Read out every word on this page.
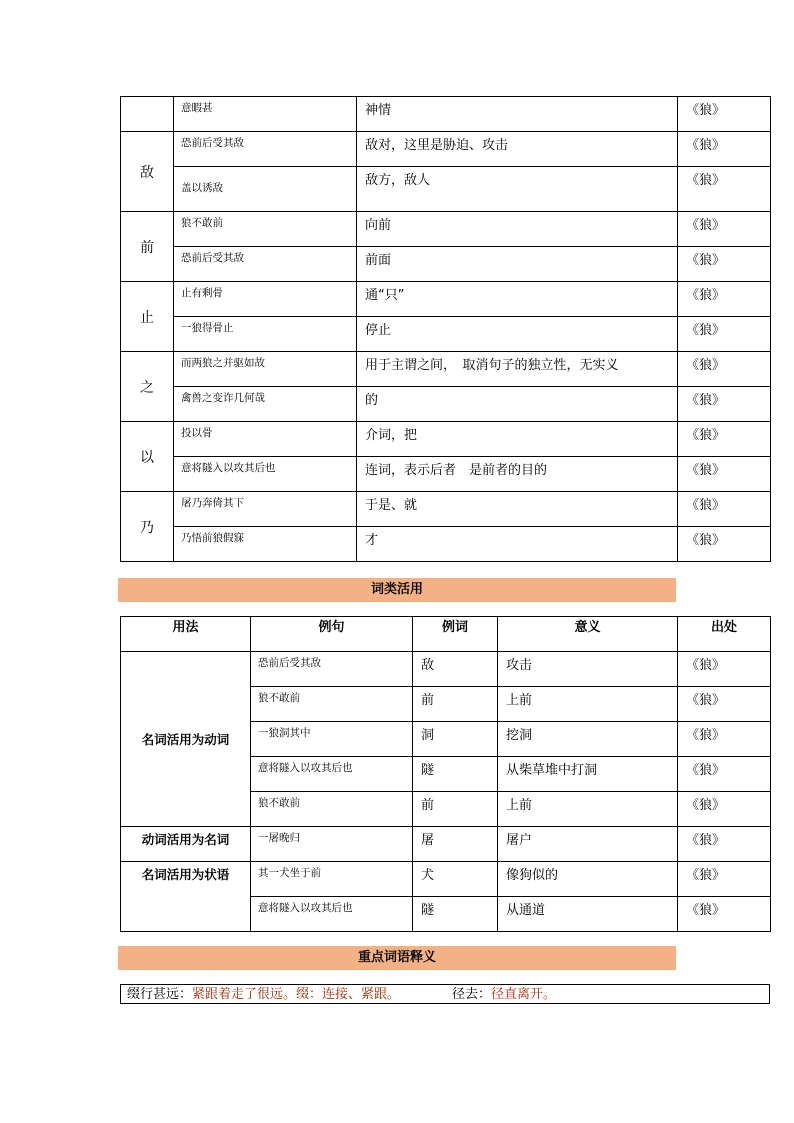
	意暇甚	神情	《狼》
敌	恐前后受其敌	敌对，这里是胁迫、攻击	《狼》
	盖以诱敌	敌方，敌人	《狼》
前	狼不敢前	向前	《狼》
	恐前后受其敌	前面	《狼》
止	止有剩骨	通“只”	《狼》
	一狼得骨止	停止	《狼》
之	而两狼之并驱如故	用于主谓之间，　取消句子的独立性，无实义	《狼》
	禽兽之变诈几何哉	的	《狼》
以	投以骨	介词，把	《狼》
	意将隧入以攻其后也	连词，表示后者　是前者的目的	《狼》
乃	屠乃奔倚其下	于是、就	《狼》
	乃悟前狼假寐	才	《狼》
词类活用
用法	例句	例词	意义	出处
名词活用为动词	恐前后受其敌	敌	攻击	《狼》
	狼不敢前	前	上前	《狼》
	一狼洞其中	洞	挖洞	《狼》
	意将隧入以攻其后也	隧	从柴草堆中打洞	《狼》
	狼不敢前	前	上前	《狼》
动词活用为名词	一屠晚归	屠	屠户	《狼》
名词活用为状语	其一犬坐于前	犬	像狗似的	《狼》
	意将隧入以攻其后也	隧	从通道	《狼》
重点词语释义
缀行甚远：紧跟着走了很远。缀：连接、紧跟。	径去：径直离开。
